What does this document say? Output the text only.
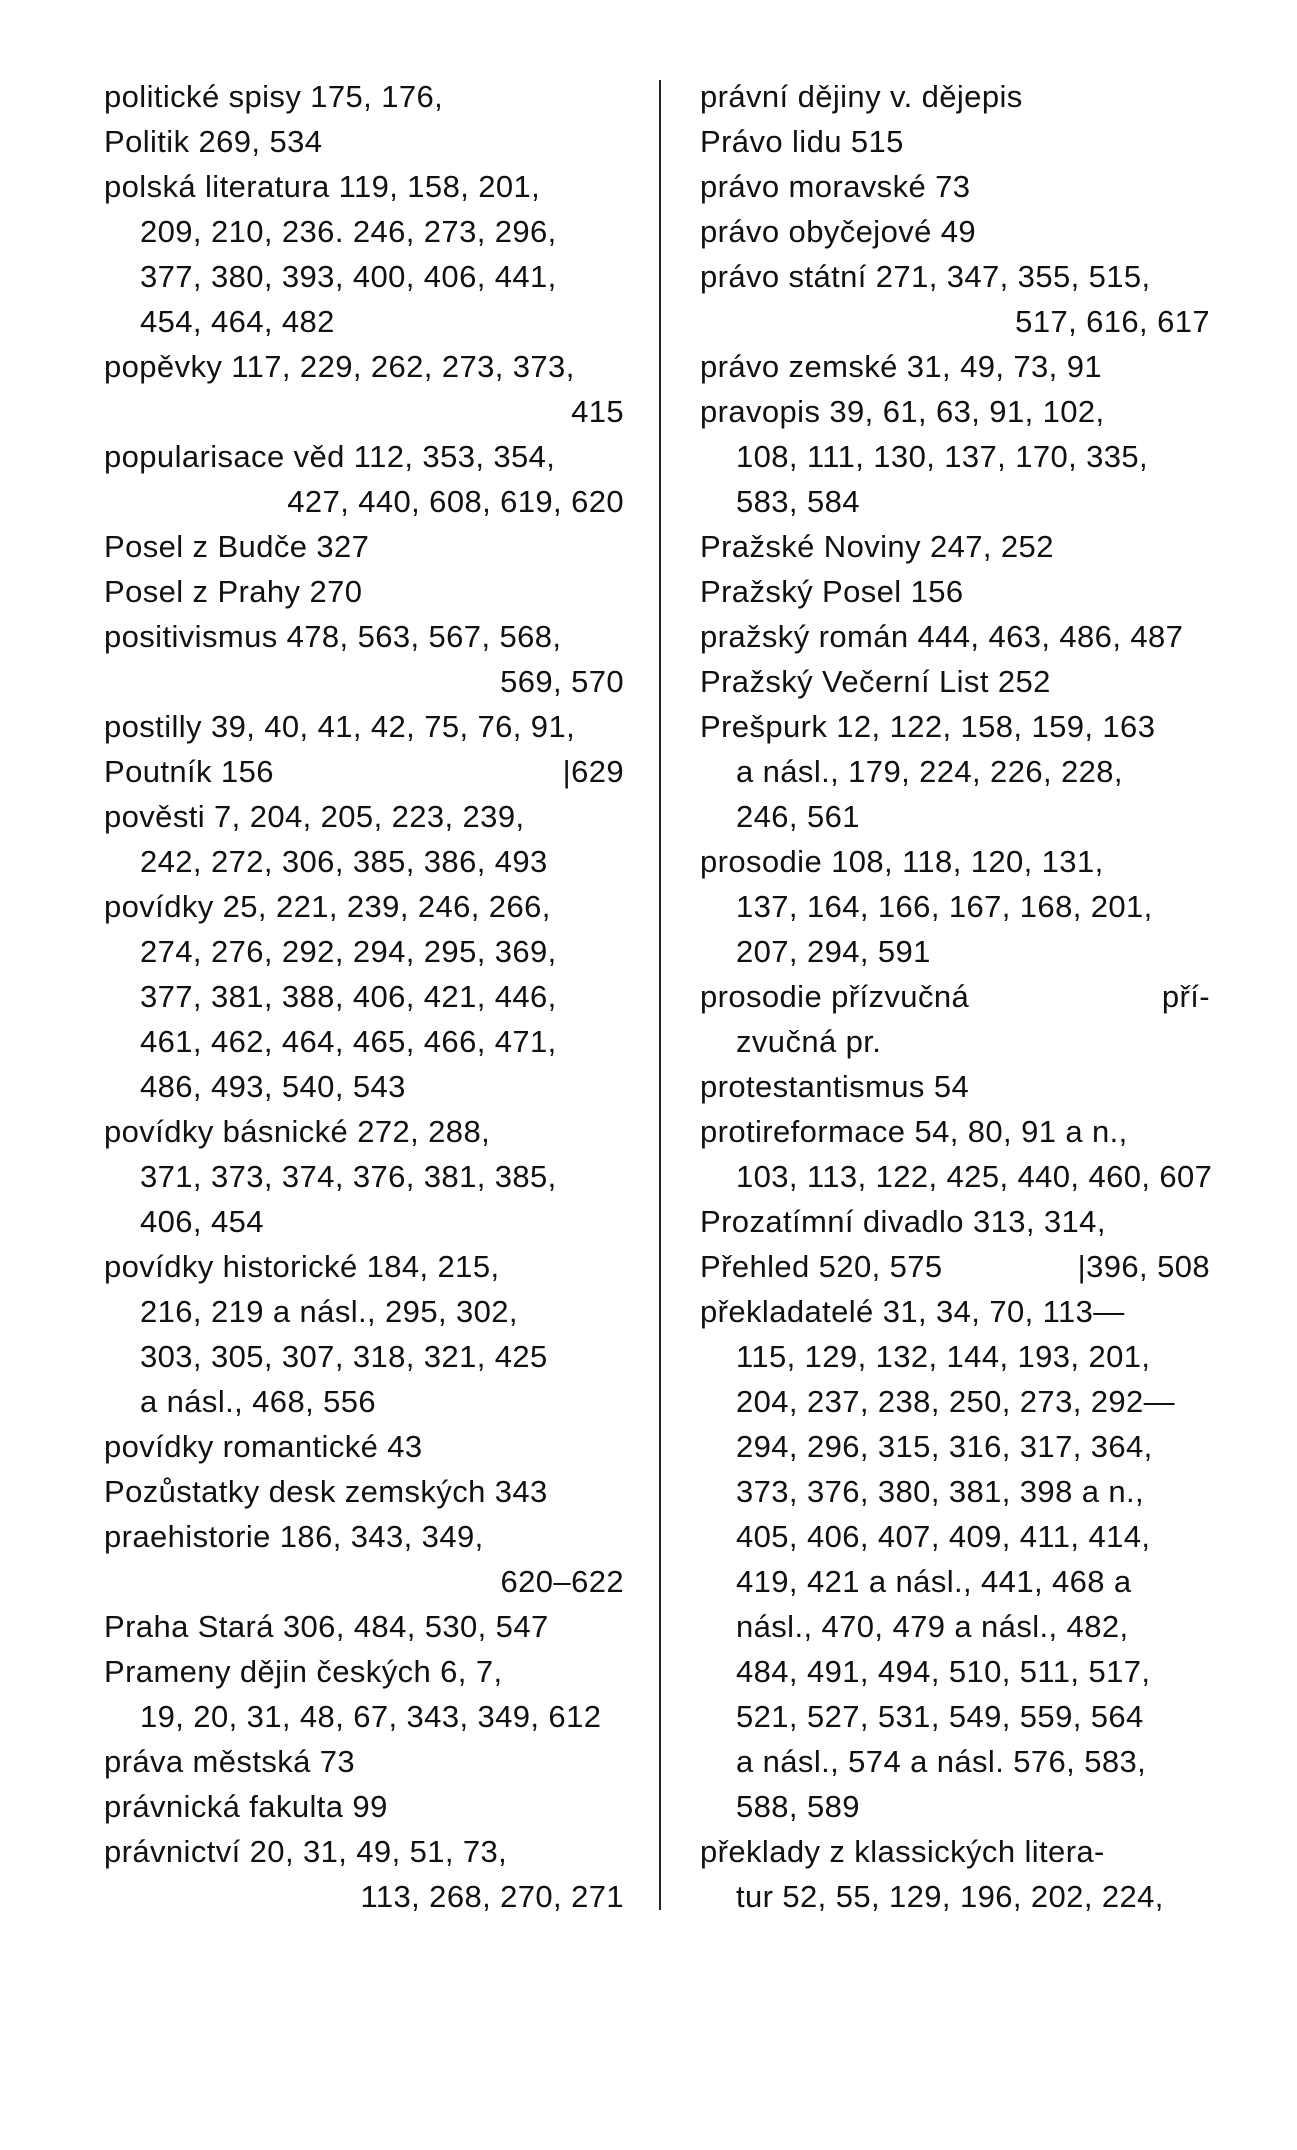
politické spisy 175, 176,
Politik 269, 534
polská literatura 119, 158, 201,
209, 210, 236. 246, 273, 296,
377, 380, 393, 400, 406, 441,
454, 464, 482
popěvky 117, 229, 262, 273, 373,
415
popularisace věd 112, 353, 354,
427, 440, 608, 619, 620
Posel z Budče 327
Posel z Prahy 270
positivismus 478, 563, 567, 568,
569, 570
postilly 39, 40, 41, 42, 75, 76, 91,
Poutník 156	|629
pověsti 7, 204, 205, 223, 239,
242, 272, 306, 385, 386, 493
povídky 25, 221, 239, 246, 266,
274, 276, 292, 294, 295, 369,
377, 381, 388, 406, 421, 446,
461, 462, 464, 465, 466, 471,
486, 493, 540, 543
povídky básnické 272, 288,
371, 373, 374, 376, 381, 385,
406, 454
povídky historické 184, 215,
216, 219 a násl., 295, 302,
303, 305, 307, 318, 321, 425
a násl., 468, 556
povídky romantické 43
Pozůstatky desk zemských 343
praehistorie 186, 343, 349,
620–622
Praha Stará 306, 484, 530, 547
Prameny dějin českých 6, 7,
19, 20, 31, 48, 67, 343, 349, 612
práva městská 73
právnická fakulta 99
právnictví 20, 31, 49, 51, 73,
113, 268, 270, 271
právní dějiny v. dějepis
Právo lidu 515
právo moravské 73
právo obyčejové 49
právo státní 271, 347, 355, 515,
517, 616, 617
právo zemské 31, 49, 73, 91
pravopis 39, 61, 63, 91, 102,
108, 111, 130, 137, 170, 335,
583, 584
Pražské Noviny 247, 252
Pražský Posel 156
pražský román 444, 463, 486, 487
Pražský Večerní List 252
Prešpurk 12, 122, 158, 159, 163
a násl., 179, 224, 226, 228,
246, 561
prosodie 108, 118, 120, 131,
137, 164, 166, 167, 168, 201,
207, 294, 591
prosodie přízvučná	pří-
zvučná pr.
protestantismus 54
protireformace 54, 80, 91 a n.,
103, 113, 122, 425, 440, 460, 607
Prozatímní divadlo 313, 314,
Přehled 520, 575	|396, 508
překladatelé 31, 34, 70, 113—
115, 129, 132, 144, 193, 201,
204, 237, 238, 250, 273, 292—
294, 296, 315, 316, 317, 364,
373, 376, 380, 381, 398 a n.,
405, 406, 407, 409, 411, 414,
419, 421 a násl., 441, 468 a
násl., 470, 479 a násl., 482,
484, 491, 494, 510, 511, 517,
521, 527, 531, 549, 559, 564
a násl., 574 a násl. 576, 583,
588, 589
překlady z klassických litera-
tur 52, 55, 129, 196, 202, 224,
